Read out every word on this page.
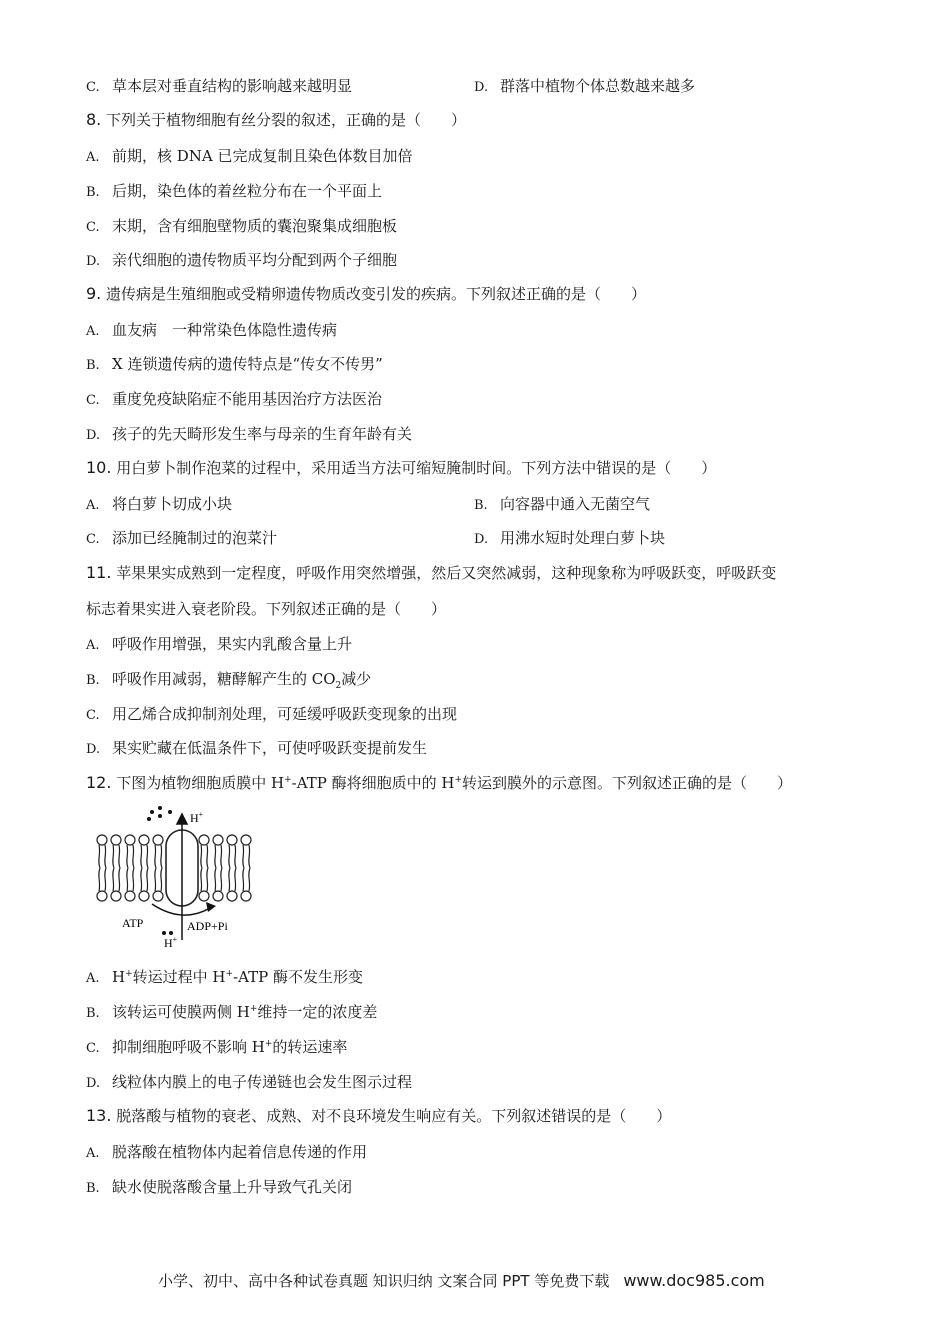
C. 草本层对垂直结构的影响越来越明显	D. 群落中植物个体总数越来越多
8. 下列关于植物细胞有丝分裂的叙述，正确的是（　　）
A. 前期，核 DNA 已完成复制且染色体数目加倍
B. 后期，染色体的着丝粒分布在一个平面上
C. 末期，含有细胞壁物质的囊泡聚集成细胞板
D. 亲代细胞的遗传物质平均分配到两个子细胞
9. 遗传病是生殖细胞或受精卵遗传物质改变引发的疾病。下列叙述正确的是（　　）
A. 血友病　一种常染色体隐性遗传病
B. X 连锁遗传病的遗传特点是“传女不传男”
C. 重度免疫缺陷症不能用基因治疗方法医治
D. 孩子的先天畸形发生率与母亲的生育年龄有关
10. 用白萝卜制作泡菜的过程中，采用适当方法可缩短腌制时间。下列方法中错误的是（　　）
A. 将白萝卜切成小块	B. 向容器中通入无菌空气
C. 添加已经腌制过的泡菜汁	D. 用沸水短时处理白萝卜块
11. 苹果果实成熟到一定程度，呼吸作用突然增强，然后又突然减弱，这种现象称为呼吸跃变，呼吸跃变
标志着果实进入衰老阶段。下列叙述正确的是（　　）
A. 呼吸作用增强，果实内乳酸含量上升
B. 呼吸作用减弱，糖酵解产生的 $CO_2$减少
C. 用乙烯合成抑制剂处理，可延缓呼吸跃变现象的出现
D. 果实贮藏在低温条件下，可使呼吸跃变提前发生
12. 下图为植物细胞质膜中 H+-ATP 酶将细胞质中的 H+转运到膜外的示意图。下列叙述正确的是（　　）
H+
ATP	ADP+Pi
H+
A. H+转运过程中 H+-ATP 酶不发生形变
B. 该转运可使膜两侧 H+维持一定的浓度差
C. 抑制细胞呼吸不影响 H+的转运速率
D. 线粒体内膜上的电子传递链也会发生图示过程
13. 脱落酸与植物的衰老、成熟、对不良环境发生响应有关。下列叙述错误的是（　　）
A. 脱落酸在植物体内起着信息传递的作用
B. 缺水使脱落酸含量上升导致气孔关闭
小学、初中、高中各种试卷真题 知识归纳 文案合同 PPT 等免费下载 www.doc985.com
